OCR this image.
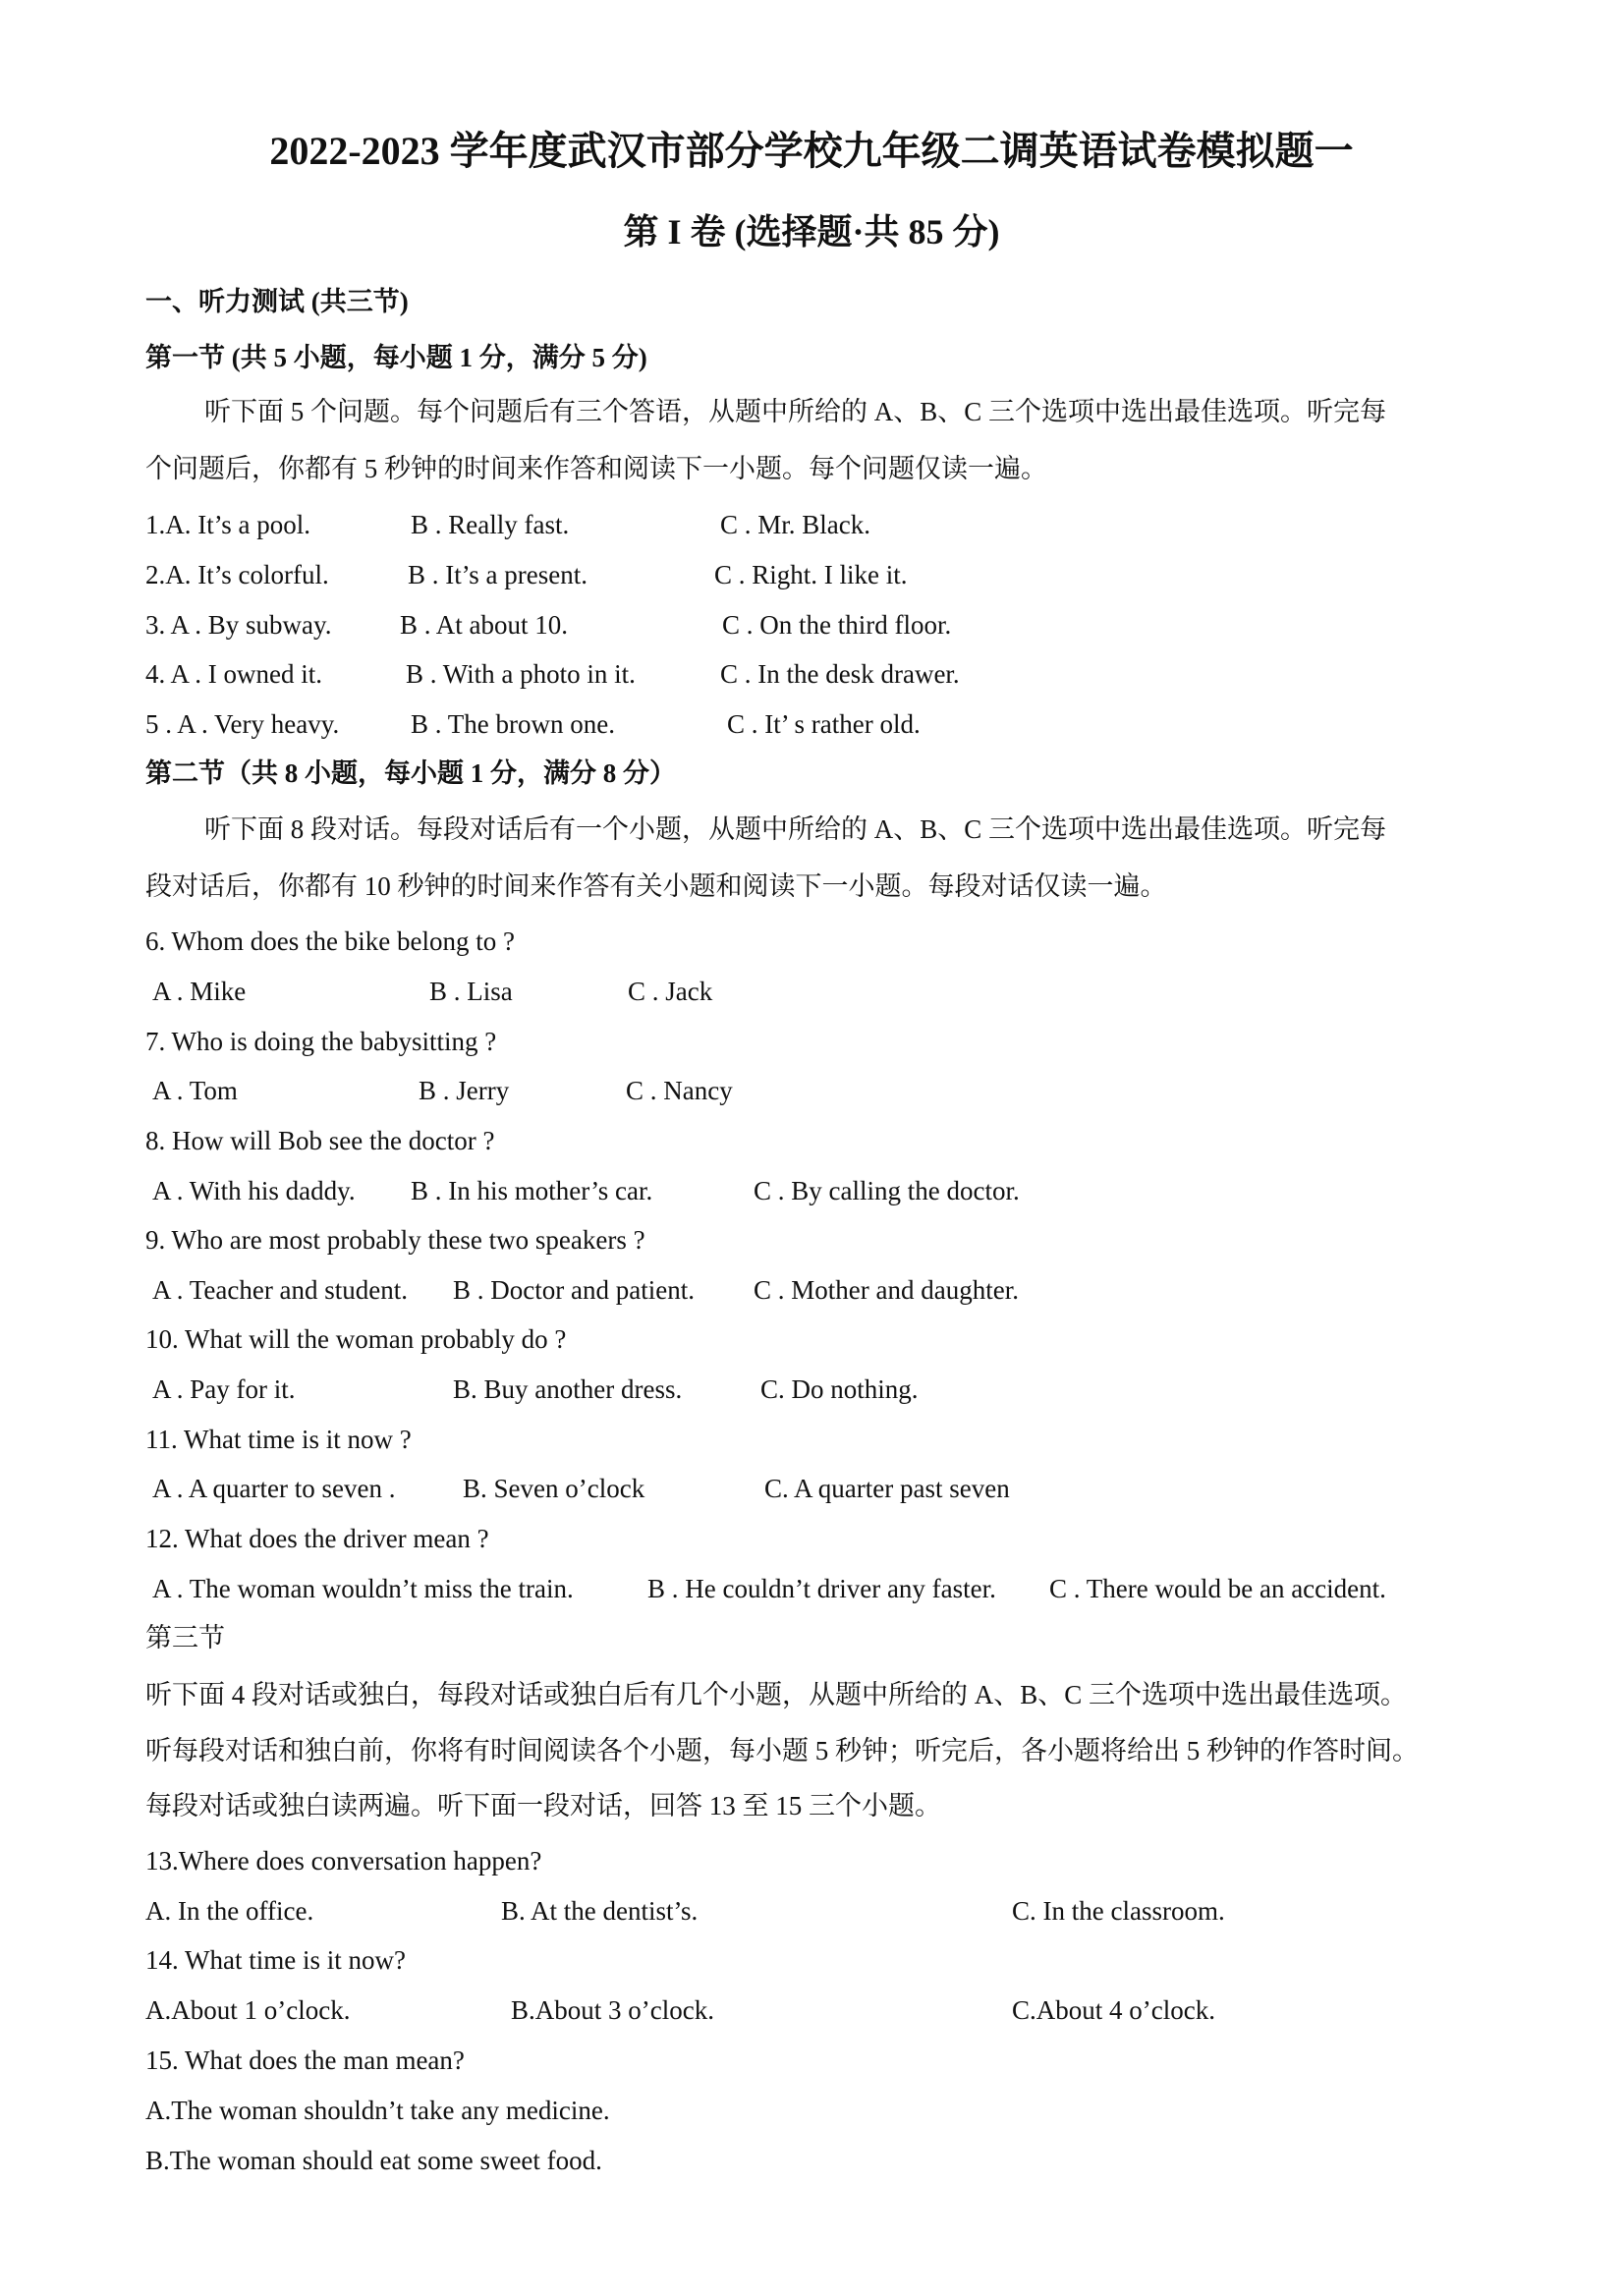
2022-2023 学年度武汉市部分学校九年级二调英语试卷模拟题一
第 I 卷 (选择题·共 85 分)
一、听力测试 (共三节)
第一节 (共 5 小题，每小题 1 分，满分 5 分)
听下面 5 个问题。每个问题后有三个答语，从题中所给的 A、B、C 三个选项中选出最佳选项。听完每
个问题后，你都有 5 秒钟的时间来作答和阅读下一小题。每个问题仅读一遍。
1.A. It’s a pool.	B . Really fast.	C . Mr. Black.
2.A. It’s colorful.	B . It’s a present.	C . Right. I like it.
3. A . By subway.	B . At about 10.	C . On the third floor.
4. A . I owned it.	B . With a photo in it.	C . In the desk drawer.
5 . A . Very heavy.	B . The brown one.	C . It’ s rather old.
第二节（共 8 小题，每小题 1 分，满分 8 分）
听下面 8 段对话。每段对话后有一个小题，从题中所给的 A、B、C 三个选项中选出最佳选项。听完每
段对话后，你都有 10 秒钟的时间来作答有关小题和阅读下一小题。每段对话仅读一遍。
6. Whom does the bike belong to ?
A . Mike	B . Lisa	C . Jack
7. Who is doing the babysitting ?
A . Tom	B . Jerry	C . Nancy
8. How will Bob see the doctor ?
A . With his daddy. B . In his mother’s car.	C . By calling the doctor.
9. Who are most probably these two speakers ?
A . Teacher and student. B . Doctor and patient. C . Mother and daughter.
10. What will the woman probably do ?
A . Pay for it.	B. Buy another dress.	C. Do nothing.
11. What time is it now ?
A . A quarter to seven .	B. Seven o’clock	C. A quarter past seven
12. What does the driver mean ?
A . The woman wouldn’t miss the train.	B . He couldn’t driver any faster. C . There would be an accident.
第三节
听下面 4 段对话或独白，每段对话或独白后有几个小题，从题中所给的 A、B、C 三个选项中选出最佳选项。
听每段对话和独白前，你将有时间阅读各个小题，每小题 5 秒钟；听完后，各小题将给出 5 秒钟的作答时间。
每段对话或独白读两遍。听下面一段对话，回答 13 至 15 三个小题。
13.Where does conversation happen?
A. In the office.	B. At the dentist’s.	C. In the classroom.
14. What time is it now?
A.About 1 o’clock.	B.About 3 o’clock.	C.About 4 o’clock.
15. What does the man mean?
A.The woman shouldn’t take any medicine.
B.The woman should eat some sweet food.
